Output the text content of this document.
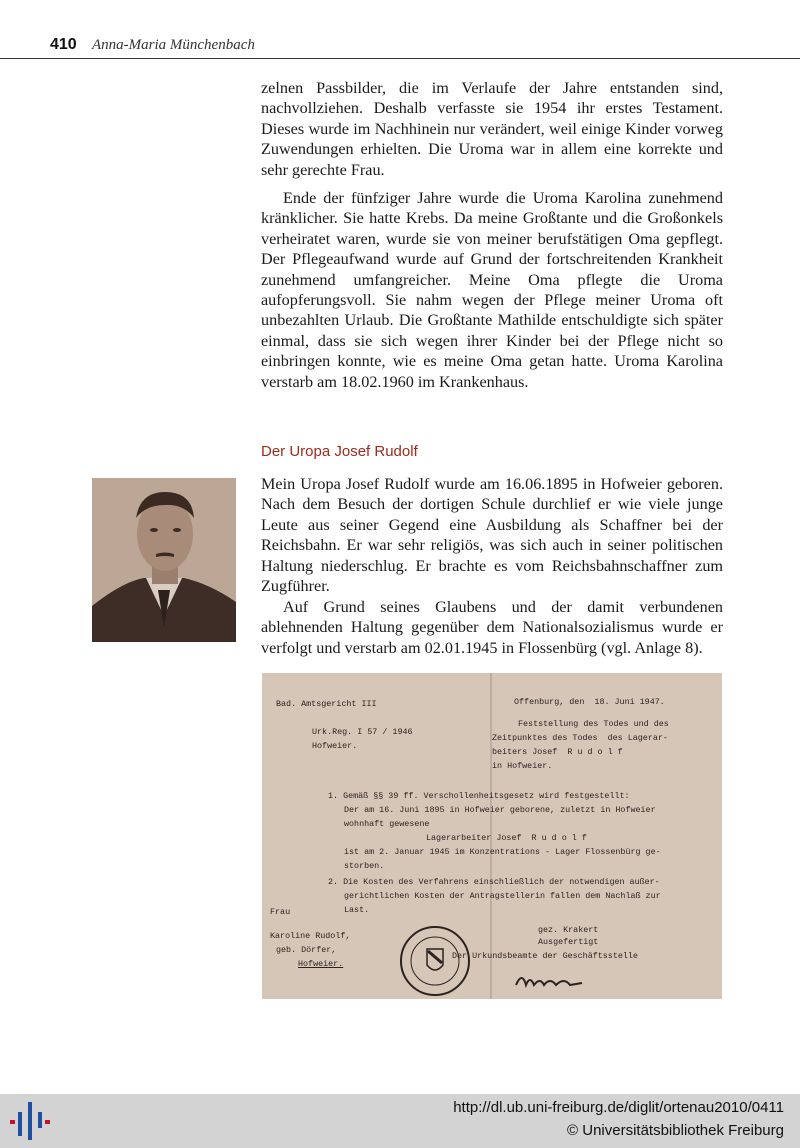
410 Anna-Maria Münchenbach

zelnen Passbilder, die im Verlaufe der Jahre entstanden sind, nachvollziehen. Deshalb verfasste sie 1954 ihr erstes Testament. Dieses wurde im Nachhinein nur verändert, weil einige Kinder vorweg Zuwendungen erhielten. Die Uroma war in allem eine korrekte und sehr gerechte Frau.

Ende der fünfziger Jahre wurde die Uroma Karolina zunehmend kränklicher. Sie hatte Krebs. Da meine Großtante und die Großonkels verheiratet waren, wurde sie von meiner berufstätigen Oma gepflegt. Der Pflegeaufwand wurde auf Grund der fortschreitenden Krankheit zunehmend umfangreicher. Meine Oma pflegte die Uroma aufopferungsvoll. Sie nahm wegen der Pflege meiner Uroma oft unbezahlten Urlaub. Die Großtante Mathilde entschuldigte sich später einmal, dass sie sich wegen ihrer Kinder bei der Pflege nicht so einbringen konnte, wie es meine Oma getan hatte. Uroma Karolina verstarb am 18.02.1960 im Krankenhaus.

Der Uropa Josef Rudolf

Mein Uropa Josef Rudolf wurde am 16.06.1895 in Hofweier geboren. Nach dem Besuch der dortigen Schule durchlief er wie viele junge Leute aus seiner Gegend eine Ausbildung als Schaffner bei der Reichsbahn. Er war sehr religiös, was sich auch in seiner politischen Haltung niederschlug. Er brachte es vom Reichsbahnschaffner zum Zugführer.

Auf Grund seines Glaubens und der damit verbundenen ablehnenden Haltung gegenüber dem Nationalsozialismus wurde er verfolgt und verstarb am 02.01.1945 in Flossenbürg (vgl. Anlage 8).

Bad. Amtsgericht III	Offenburg, den  18. Juni 1947.
Urk.Reg. I 57 / 1946
Hofweier.
Feststellung des Todes und des
Zeitpunktes des Todes  des Lagerar-
beiters Josef  R u d o l f
in Hofweier.
1. Gemäß §§ 39 ff. Verschollenheitsgesetz wird festgestellt:
Der am 16. Juni 1895 in Hofweier geborene, zuletzt in Hofweier
wohnhaft gewesene
Lagerarbeiter Josef  R u d o l f
ist am 2. Januar 1945 im Konzentrations - Lager Flossenbürg ge-
storben.
2. Die Kosten des Verfahrens einschließlich der notwendigen außer-
gerichtlichen Kosten der Antragstellerin fallen dem Nachlaß zur
Last.
Frau
Karoline Rudolf,
geb. Dörfer,
Hofweier.
gez. Krakert
Ausgefertigt
Der Urkundsbeamte der Geschäftsstelle
http://dl.ub.uni-freiburg.de/diglit/ortenau2010/0411
© Universitätsbibliothek Freiburg
